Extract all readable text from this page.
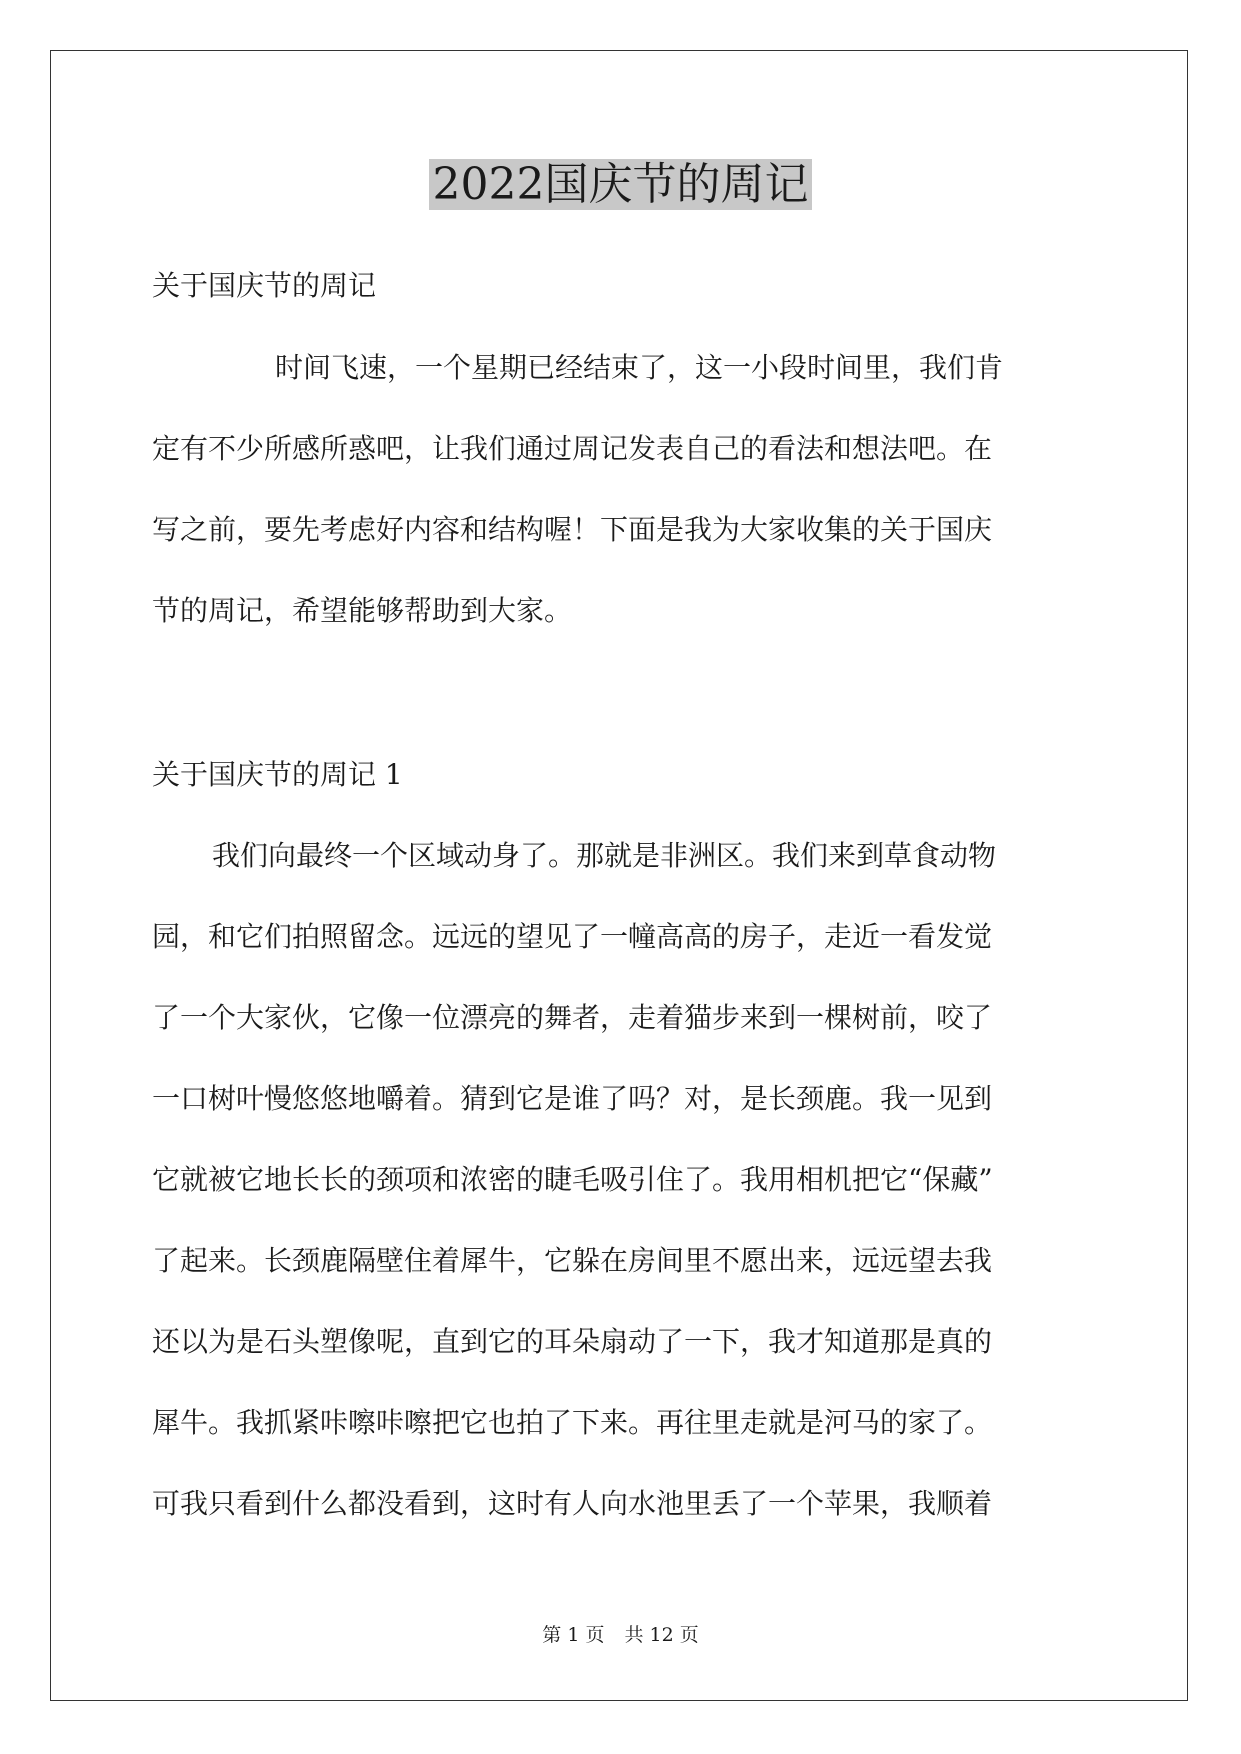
2022国庆节的周记

关于国庆节的周记

时间飞速，一个星期已经结束了，这一小段时间里，我们肯

定有不少所感所惑吧，让我们通过周记发表自己的看法和想法吧。在

写之前，要先考虑好内容和结构喔！下面是我为大家收集的关于国庆

节的周记，希望能够帮助到大家。

关于国庆节的周记 1

我们向最终一个区域动身了。那就是非洲区。我们来到草食动物

园，和它们拍照留念。远远的望见了一幢高高的房子，走近一看发觉

了一个大家伙，它像一位漂亮的舞者，走着猫步来到一棵树前，咬了

一口树叶慢悠悠地嚼着。猜到它是谁了吗？对，是长颈鹿。我一见到

它就被它地长长的颈项和浓密的睫毛吸引住了。我用相机把它“保藏”

了起来。长颈鹿隔壁住着犀牛，它躲在房间里不愿出来，远远望去我

还以为是石头塑像呢，直到它的耳朵扇动了一下，我才知道那是真的

犀牛。我抓紧咔嚓咔嚓把它也拍了下来。再往里走就是河马的家了。

可我只看到什么都没看到，这时有人向水池里丢了一个苹果，我顺着

第 1 页 共 12 页
